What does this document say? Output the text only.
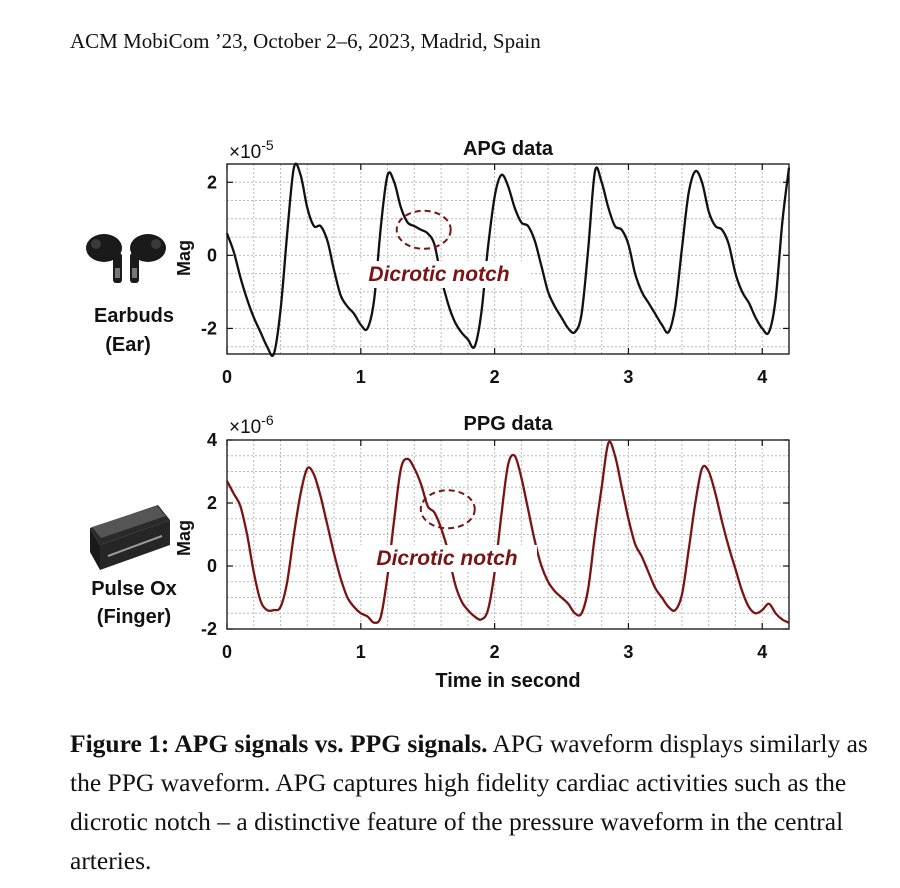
ACM MobiCom ’23, October 2–6, 2023, Madrid, Spain
Earbuds
(Ear)
Pulse Ox
(Finger)
APG data
$\times 10^{-5}$
Mag
0	1	2	3	4
-2
0
2
Dicrotic notch
PPG data
$\times 10^{-6}$
Mag
Time in second
0	1	2	3	4
-2
0
2
4
Dicrotic notch
Figure 1: APG signals vs. PPG signals. APG waveform displays similarly as the PPG waveform. APG captures high fidelity cardiac activities such as the dicrotic notch – a distinctive feature of the pressure waveform in the central arteries.
